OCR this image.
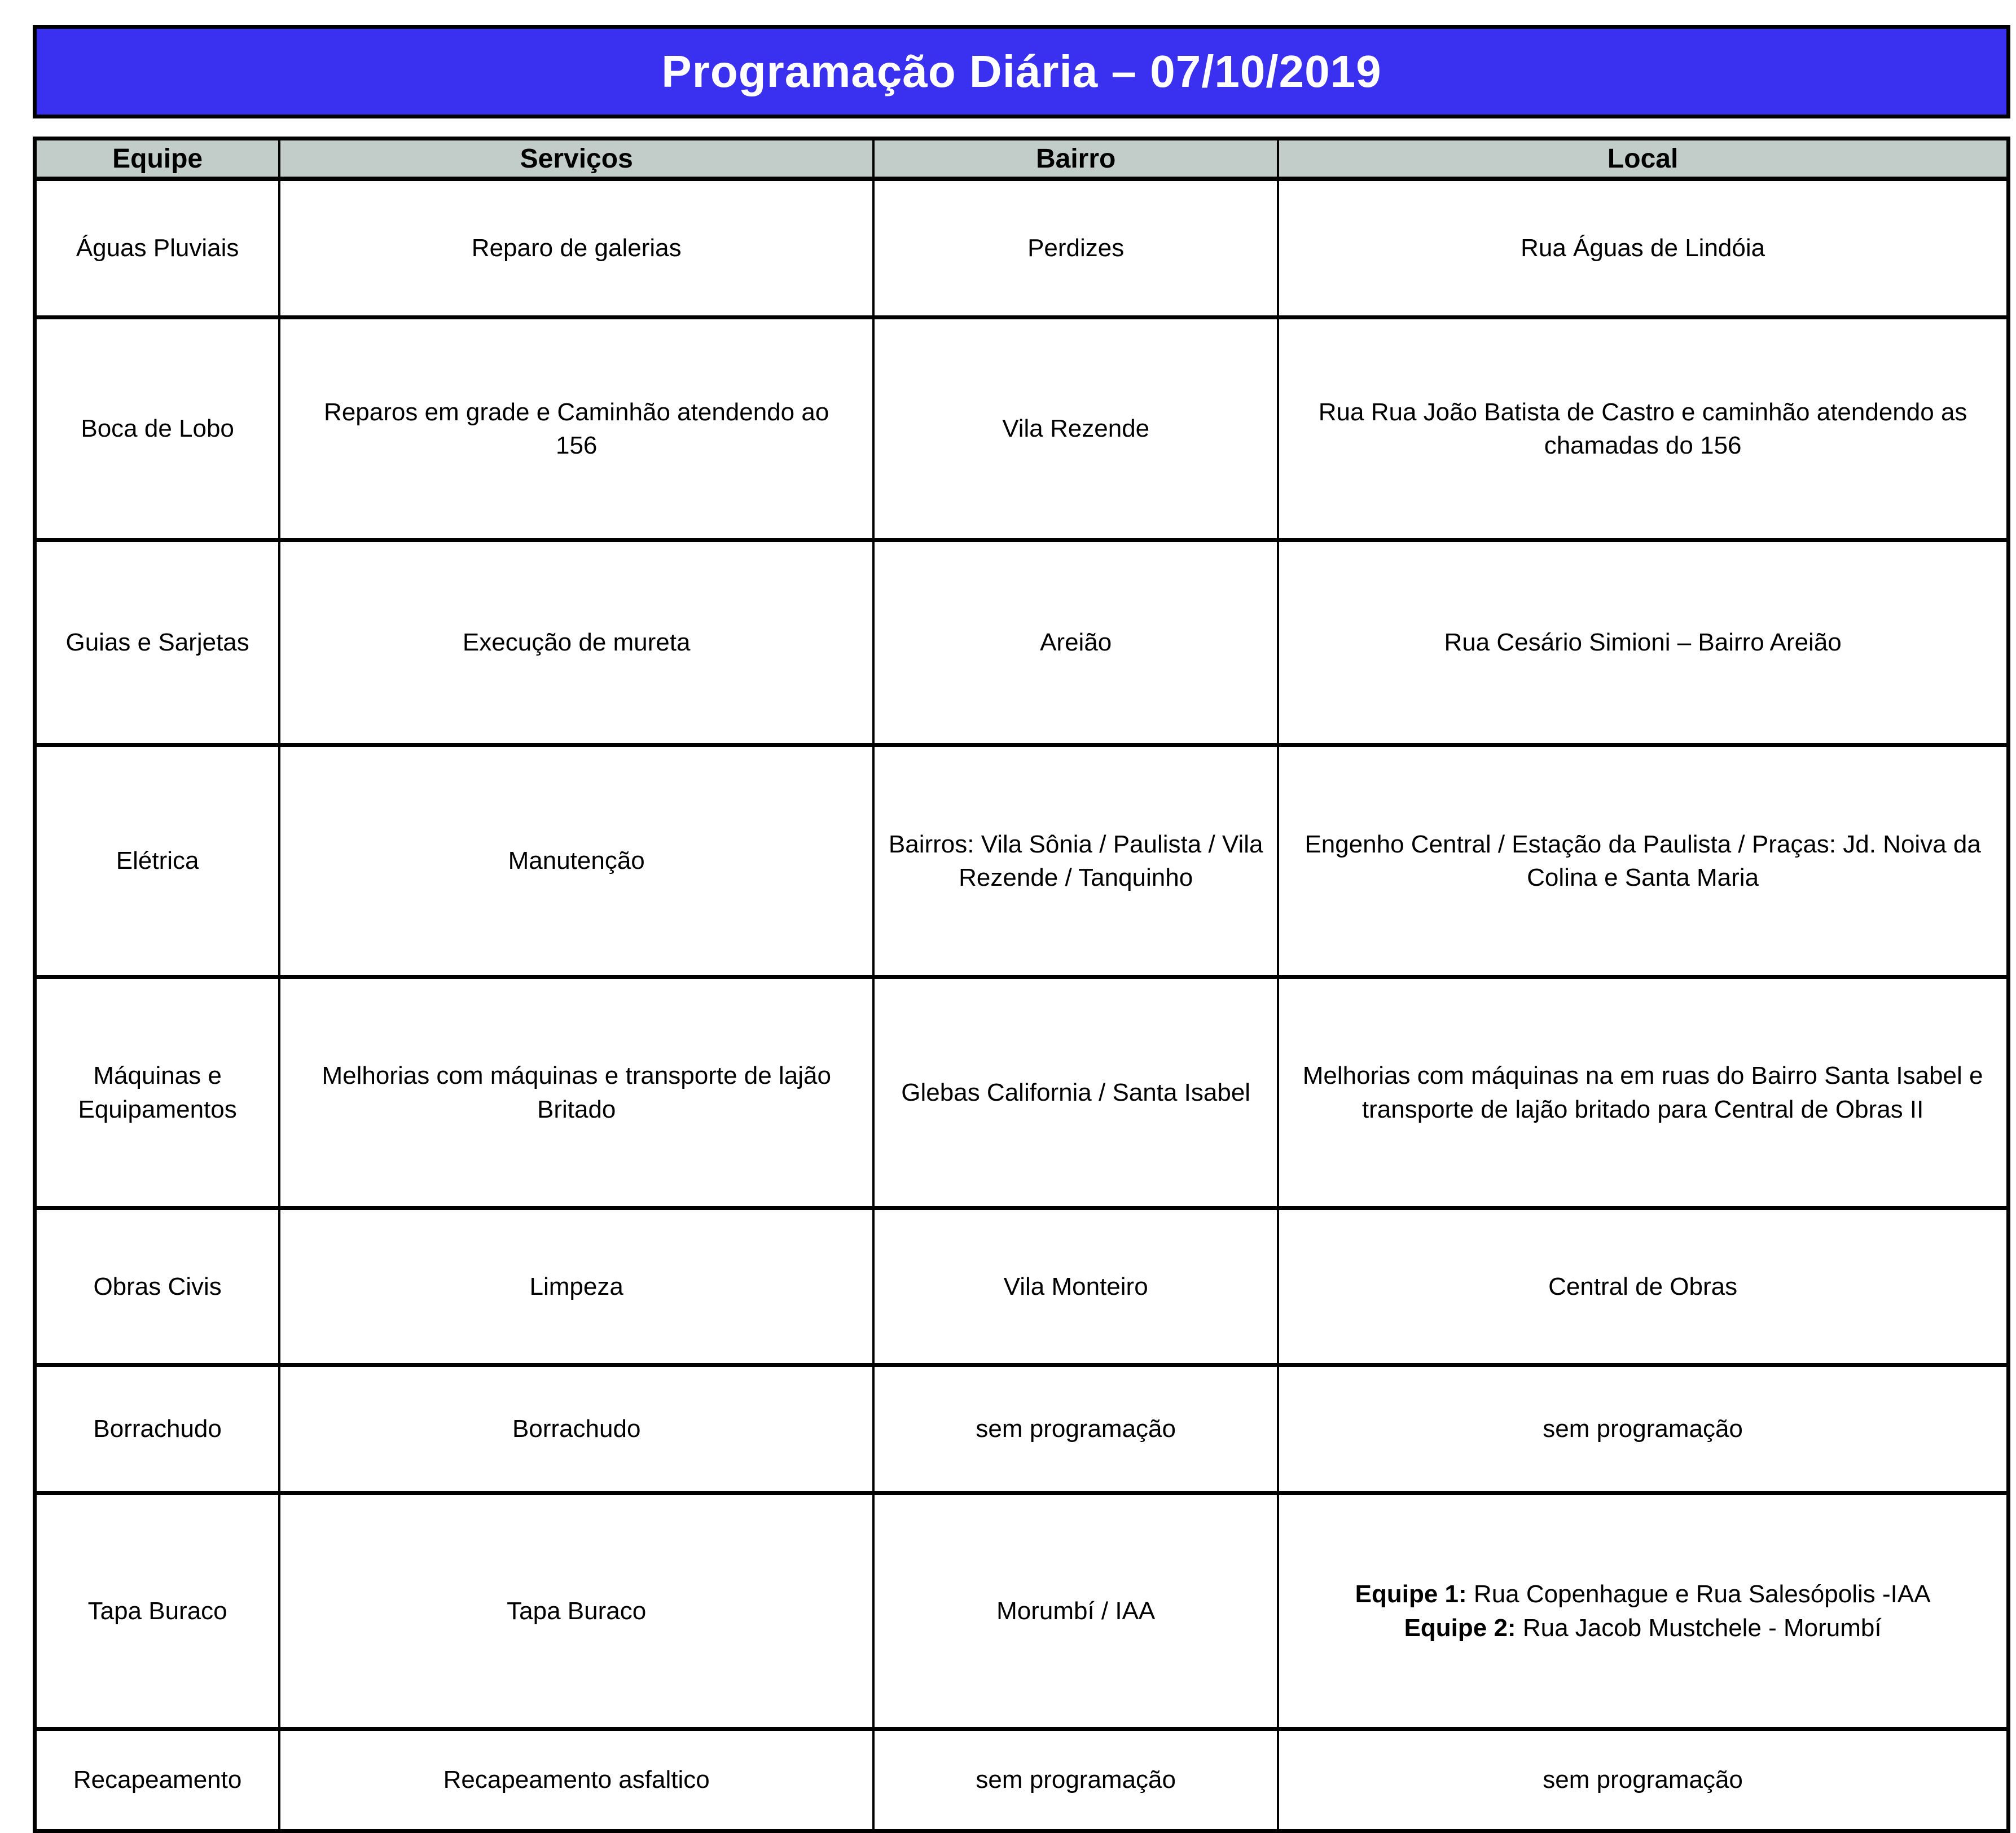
Programação Diária – 07/10/2019
Equipe	Serviços	Bairro	Local
Águas Pluviais	Reparo de galerias	Perdizes	Rua Águas de Lindóia
Boca de Lobo	Reparos em grade e Caminhão atendendo ao 156	Vila Rezende	Rua Rua João Batista de Castro e caminhão atendendo as chamadas do 156
Guias e Sarjetas	Execução de mureta	Areião	Rua Cesário Simioni – Bairro Areião
Elétrica	Manutenção	Bairros: Vila Sônia / Paulista / Vila Rezende / Tanquinho	Engenho Central / Estação da Paulista / Praças: Jd. Noiva da Colina e Santa Maria
Máquinas e Equipamentos	Melhorias com máquinas e transporte de lajão Britado	Glebas California / Santa Isabel	Melhorias com máquinas na em ruas do Bairro Santa Isabel e transporte de lajão britado para Central de Obras II
Obras Civis	Limpeza	Vila Monteiro	Central de Obras
Borrachudo	Borrachudo	sem programação	sem programação
Tapa Buraco	Tapa Buraco	Morumbí / IAA	Equipe 1: Rua Copenhague e Rua Salesópolis -IAA
Equipe 2: Rua Jacob Mustchele - Morumbí

Recapeamento	Recapeamento asfaltico	sem programação	sem programação
